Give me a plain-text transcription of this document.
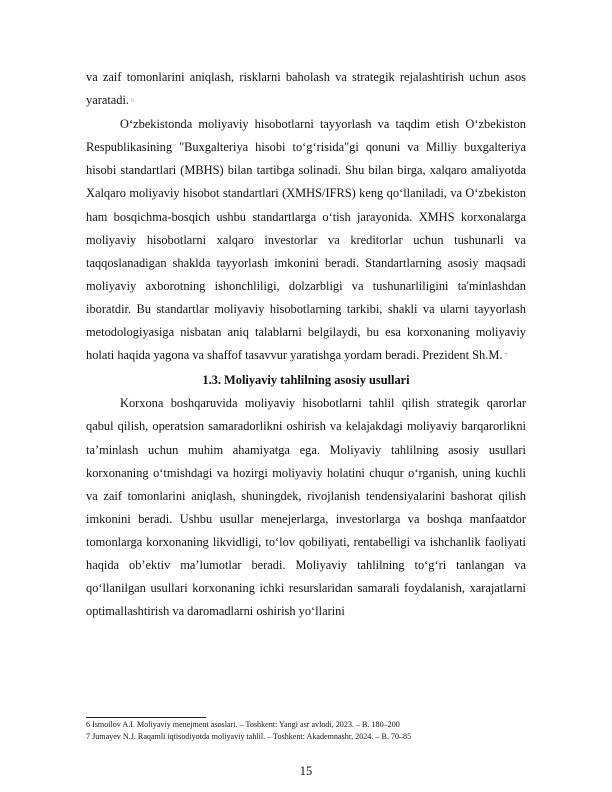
va zaif tomonlarini aniqlash, risklarni baholash va strategik rejalashtirish uchun asos yaratadi. 6

O‘zbekistonda moliyaviy hisobotlarni tayyorlash va taqdim etish O‘zbekiston Respublikasining "Buxgalteriya hisobi to‘g‘risida"gi qonuni va Milliy buxgalteriya hisobi standartlari (MBHS) bilan tartibga solinadi. Shu bilan birga, xalqaro amaliyotda Xalqaro moliyaviy hisobot standartlari (XMHS/IFRS) keng qo‘llaniladi, va O‘zbekiston ham bosqichma-bosqich ushbu standartlarga o‘tish jarayonida. XMHS korxonalarga moliyaviy hisobotlarni xalqaro investorlar va kreditorlar uchun tushunarli va taqqoslanadigan shaklda tayyorlash imkonini beradi. Standartlarning asosiy maqsadi moliyaviy axborotning ishonchliligi, dolzarbligi va tushunarliligini ta'minlashdan iboratdir. Bu standartlar moliyaviy hisobotlarning tarkibi, shakli va ularni tayyorlash metodologiyasiga nisbatan aniq talablarni belgilaydi, bu esa korxonaning moliyaviy holati haqida yagona va shaffof tasavvur yaratishga yordam beradi. Prezident Sh.M. 7

1.3. Moliyaviy tahlilning asosiy usullari

Korxona boshqaruvida moliyaviy hisobotlarni tahlil qilish strategik qarorlar qabul qilish, operatsion samaradorlikni oshirish va kelajakdagi moliyaviy barqarorlikni ta’minlash uchun muhim ahamiyatga ega. Moliyaviy tahlilning asosiy usullari korxonaning o‘tmishdagi va hozirgi moliyaviy holatini chuqur o‘rganish, uning kuchli va zaif tomonlarini aniqlash, shuningdek, rivojlanish tendensiyalarini bashorat qilish imkonini beradi. Ushbu usullar menejerlarga, investorlarga va boshqa manfaatdor tomonlarga korxonaning likvidligi, to‘lov qobiliyati, rentabelligi va ishchanlik faoliyati haqida ob’ektiv ma’lumotlar beradi. Moliyaviy tahlilning to‘g‘ri tanlangan va qo‘llanilgan usullari korxonaning ichki resurslaridan samarali foydalanish, xarajatlarni optimallashtirish va daromadlarni oshirish yo‘llarini

6 Ismoilov A.I. Moliyaviy menejment asoslari. – Toshkent: Yangi asr avlodi, 2023. – B. 180–200
7 Jumayev N.J. Raqamli iqtisodiyotda moliyaviy tahlil. – Toshkent: Akademnashr, 2024. – B. 70–85
15
